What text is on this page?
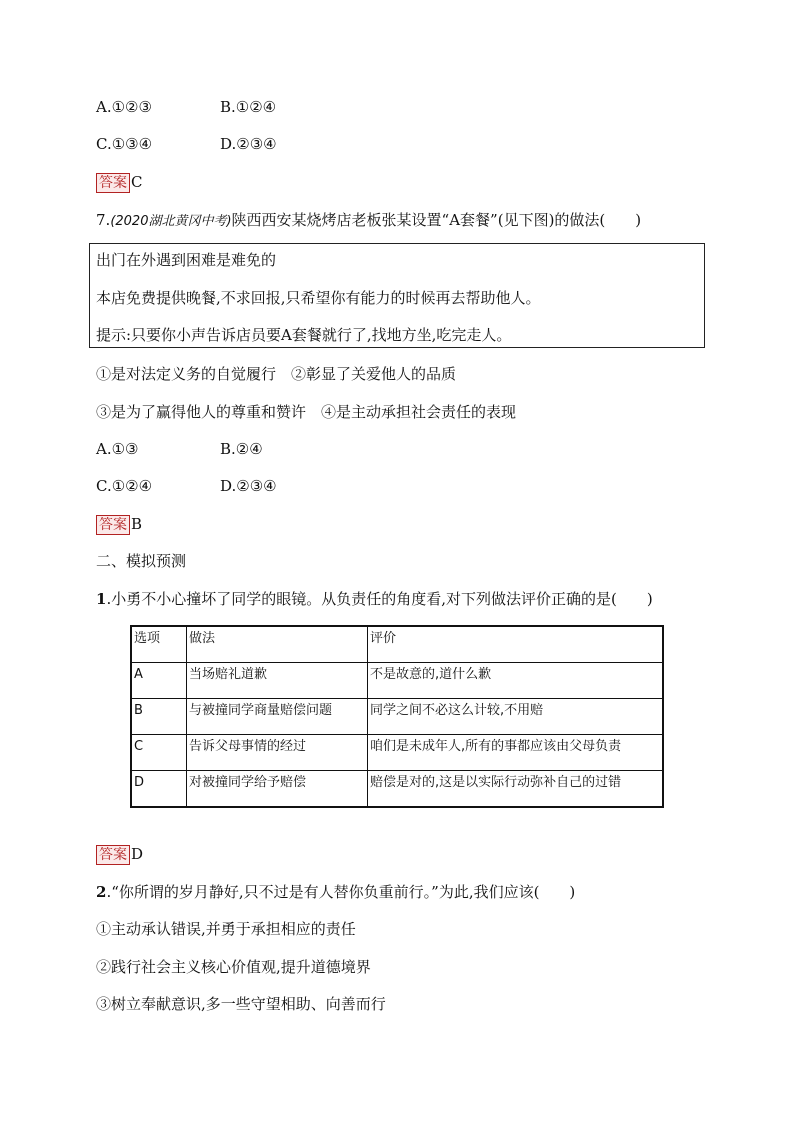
A.①②③	B.①②④
C.①③④	D.②③④
答案 C
7.(2020湖北黄冈中考)陕西西安某烧烤店老板张某设置“A套餐”(见下图)的做法(　　)
出门在外遇到困难是难免的
本店免费提供晚餐,不求回报,只希望你有能力的时候再去帮助他人。
提示:只要你小声告诉店员要A套餐就行了,找地方坐,吃完走人。
①是对法定义务的自觉履行　②彰显了关爱他人的品质
③是为了赢得他人的尊重和赞许　④是主动承担社会责任的表现
A.①③	B.②④
C.①②④	D.②③④
答案 B
二、模拟预测
1.小勇不小心撞坏了同学的眼镜。从负责任的角度看,对下列做法评价正确的是(　　)
选项	做法	评价
A	当场赔礼道歉	不是故意的,道什么歉
B	与被撞同学商量赔偿问题	同学之间不必这么计较,不用赔
C	告诉父母事情的经过	咱们是未成年人,所有的事都应该由父母负责
D	对被撞同学给予赔偿	赔偿是对的,这是以实际行动弥补自己的过错
答案 D
2.“你所谓的岁月静好,只不过是有人替你负重前行。”为此,我们应该(　　)
①主动承认错误,并勇于承担相应的责任
②践行社会主义核心价值观,提升道德境界
③树立奉献意识,多一些守望相助、向善而行
